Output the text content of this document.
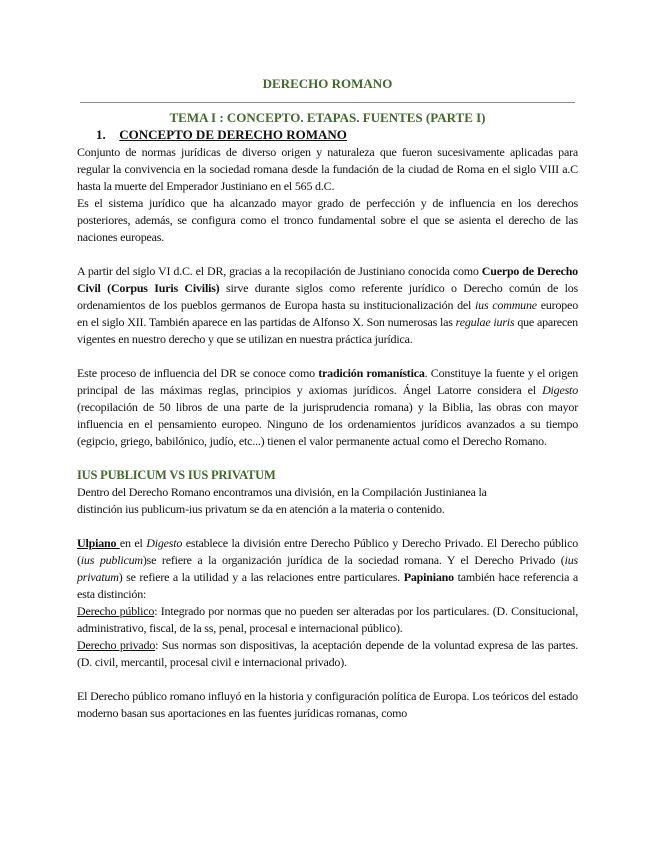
DERECHO ROMANO
TEMA I : CONCEPTO. ETAPAS. FUENTES (PARTE I)
1. CONCEPTO DE DERECHO ROMANO

Conjunto de normas jurídicas de diverso origen y naturaleza que fueron sucesivamente aplicadas para regular la convivencia en la sociedad romana desde la fundación de la ciudad de Roma en el siglo VIII a.C hasta la muerte del Emperador Justiniano en el 565 d.C.

Es el sistema jurídico que ha alcanzado mayor grado de perfección y de influencia en los derechos posteriores, además, se configura como el tronco fundamental sobre el que se asienta el derecho de las naciones europeas.

A partir del siglo VI d.C. el DR, gracias a la recopilación de Justiniano conocida como Cuerpo de Derecho Civil (Corpus Iuris Civilis) sirve durante siglos como referente jurídico o Derecho común de los ordenamientos de los pueblos germanos de Europa hasta su institucionalización del ius commune europeo en el siglo XII. También aparece en las partidas de Alfonso X. Son numerosas las regulae iuris que aparecen vigentes en nuestro derecho y que se utilizan en nuestra práctica jurídica.

Este proceso de influencia del DR se conoce como tradición romanística. Constituye la fuente y el origen principal de las máximas reglas, principios y axiomas jurídicos. Ángel Latorre considera el Digesto (recopilación de 50 libros de una parte de la jurisprudencia romana) y la Biblia, las obras con mayor influencia en el pensamiento europeo. Ninguno de los ordenamientos jurídicos avanzados a su tiempo (egipcio, griego, babilónico, judío, etc...) tienen el valor permanente actual como el Derecho Romano.

IUS PUBLICUM VS IUS PRIVATUM

Dentro del Derecho Romano encontramos una división, en la Compilación Justinianea la

distinción ius publicum-ius privatum se da en atención a la materia o contenido.

Ulpiano en el Digesto establece la división entre Derecho Público y Derecho Privado. El Derecho público (ius publicum)se refiere a la organización jurídica de la sociedad romana. Y el Derecho Privado (ius privatum) se refiere a la utilidad y a las relaciones entre particulares. Papiniano también hace referencia a esta distinción:

Derecho público: Integrado por normas que no pueden ser alteradas por los particulares. (D. Consitucional, administrativo, fiscal, de la ss, penal, procesal e internacional público).

Derecho privado: Sus normas son dispositivas, la aceptación depende de la voluntad expresa de las partes. (D. civil, mercantil, procesal civil e internacional privado).

El Derecho público romano influyó en la historia y configuración política de Europa. Los teóricos del estado moderno basan sus aportaciones en las fuentes jurídicas romanas, como
